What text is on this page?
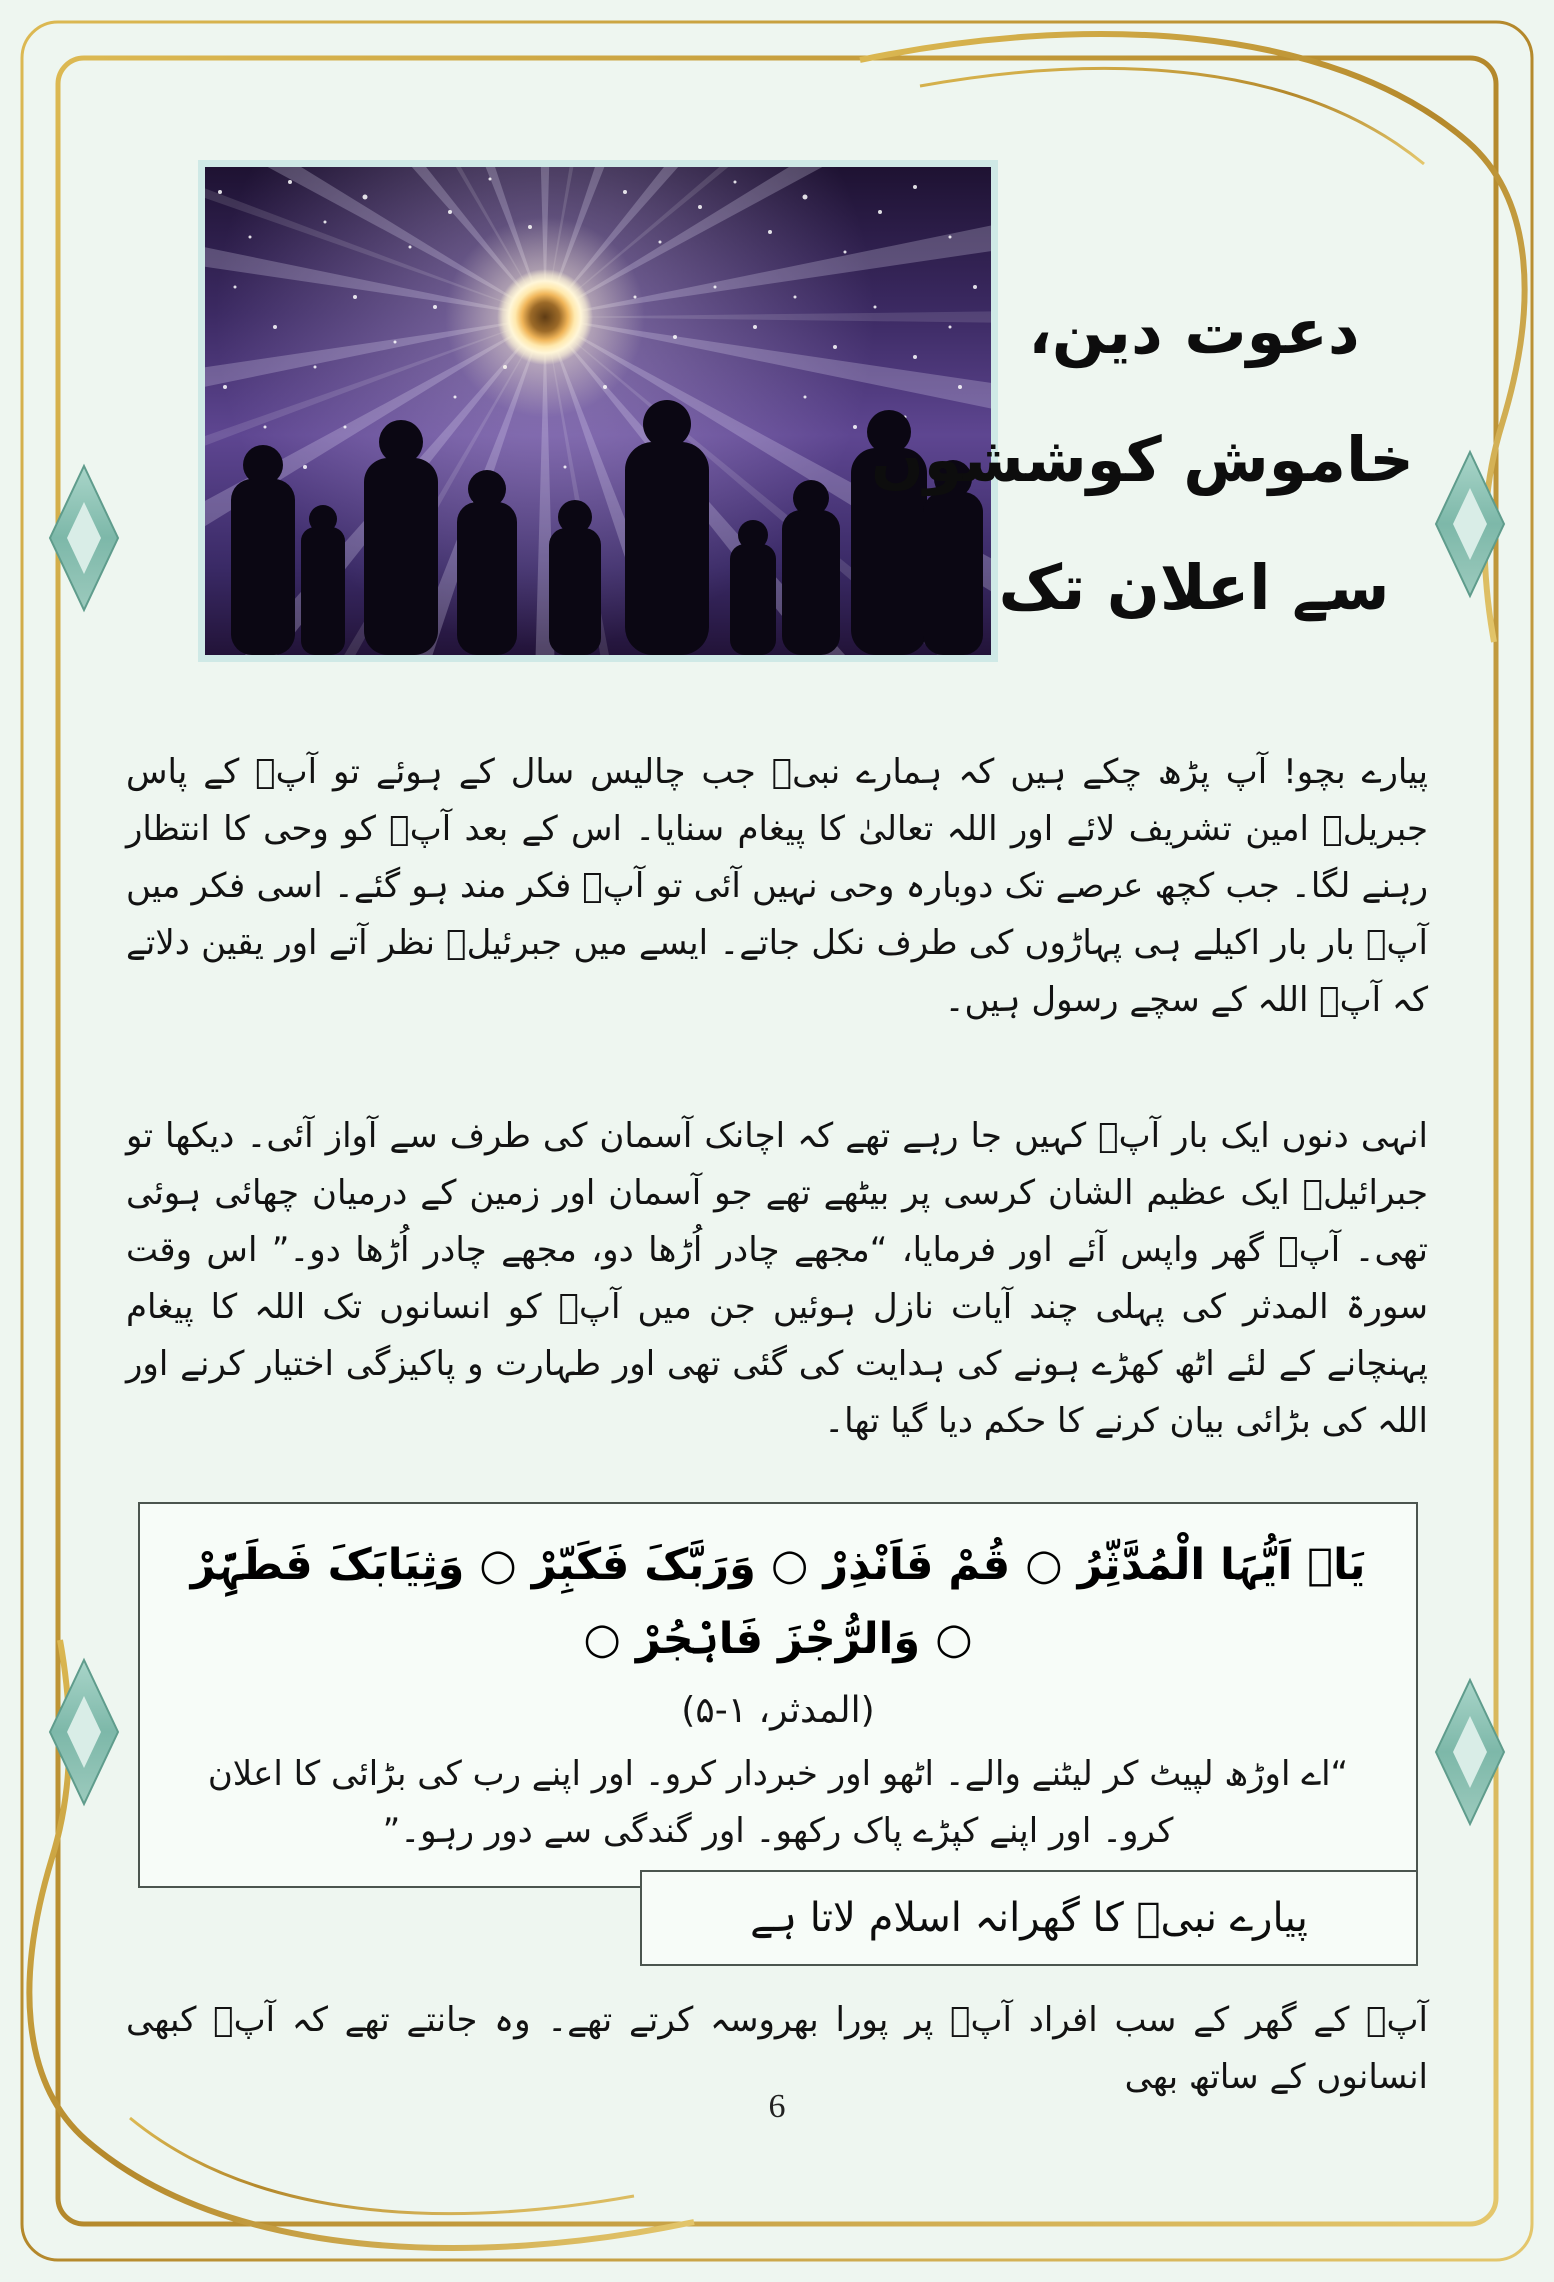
دعوت دین،
خاموش کوششوں
سے اعلان تک
پیارے بچو! آپ پڑھ چکے ہیں کہ ہمارے نبیؐ جب چالیس سال کے ہوئے تو آپؐ کے پاس جبریلؑ امین تشریف لائے اور اللہ تعالیٰ کا پیغام سنایا۔ اس کے بعد آپؐ کو وحی کا انتظار رہنے لگا۔ جب کچھ عرصے تک دوبارہ وحی نہیں آئی تو آپؐ فکر مند ہو گئے۔ اسی فکر میں آپؐ بار بار اکیلے ہی پہاڑوں کی طرف نکل جاتے۔ ایسے میں جبرئیلؑ نظر آتے اور یقین دلاتے کہ آپؐ اللہ کے سچے رسول ہیں۔
انہی دنوں ایک بار آپؐ کہیں جا رہے تھے کہ اچانک آسمان کی طرف سے آواز آئی۔ دیکھا تو جبرائیلؑ ایک عظیم الشان کرسی پر بیٹھے تھے جو آسمان اور زمین کے درمیان چھائی ہوئی تھی۔ آپؐ گھر واپس آئے اور فرمایا، “مجھے چادر اُڑھا دو، مجھے چادر اُڑھا دو۔” اس وقت سورۃ المدثر کی پہلی چند آیات نازل ہوئیں جن میں آپؐ کو انسانوں تک اللہ کا پیغام پہنچانے کے لئے اٹھ کھڑے ہونے کی ہدایت کی گئی تھی اور طہارت و پاکیزگی اختیار کرنے اور اللہ کی بڑائی بیان کرنے کا حکم دیا گیا تھا۔
یَاۤ اَیُّہَا الْمُدَّثِّرُ ○ قُمْ فَاَنْذِرْ ○ وَرَبَّکَ فَکَبِّرْ ○ وَثِیَابَکَ فَطَہِّرْ ○ وَالرُّجْزَ فَاہْجُرْ ○
(المدثر، ۱-۵)
“اے اوڑھ لپیٹ کر لیٹنے والے۔ اٹھو اور خبردار کرو۔ اور اپنے رب کی بڑائی کا اعلان کرو۔ اور اپنے کپڑے پاک رکھو۔ اور گندگی سے دور رہو۔”
پیارے نبیؐ کا گھرانہ اسلام لاتا ہے
آپؐ کے گھر کے سب افراد آپؐ پر پورا بھروسہ کرتے تھے۔ وہ جانتے تھے کہ آپؐ کبھی انسانوں کے ساتھ بھی
6
